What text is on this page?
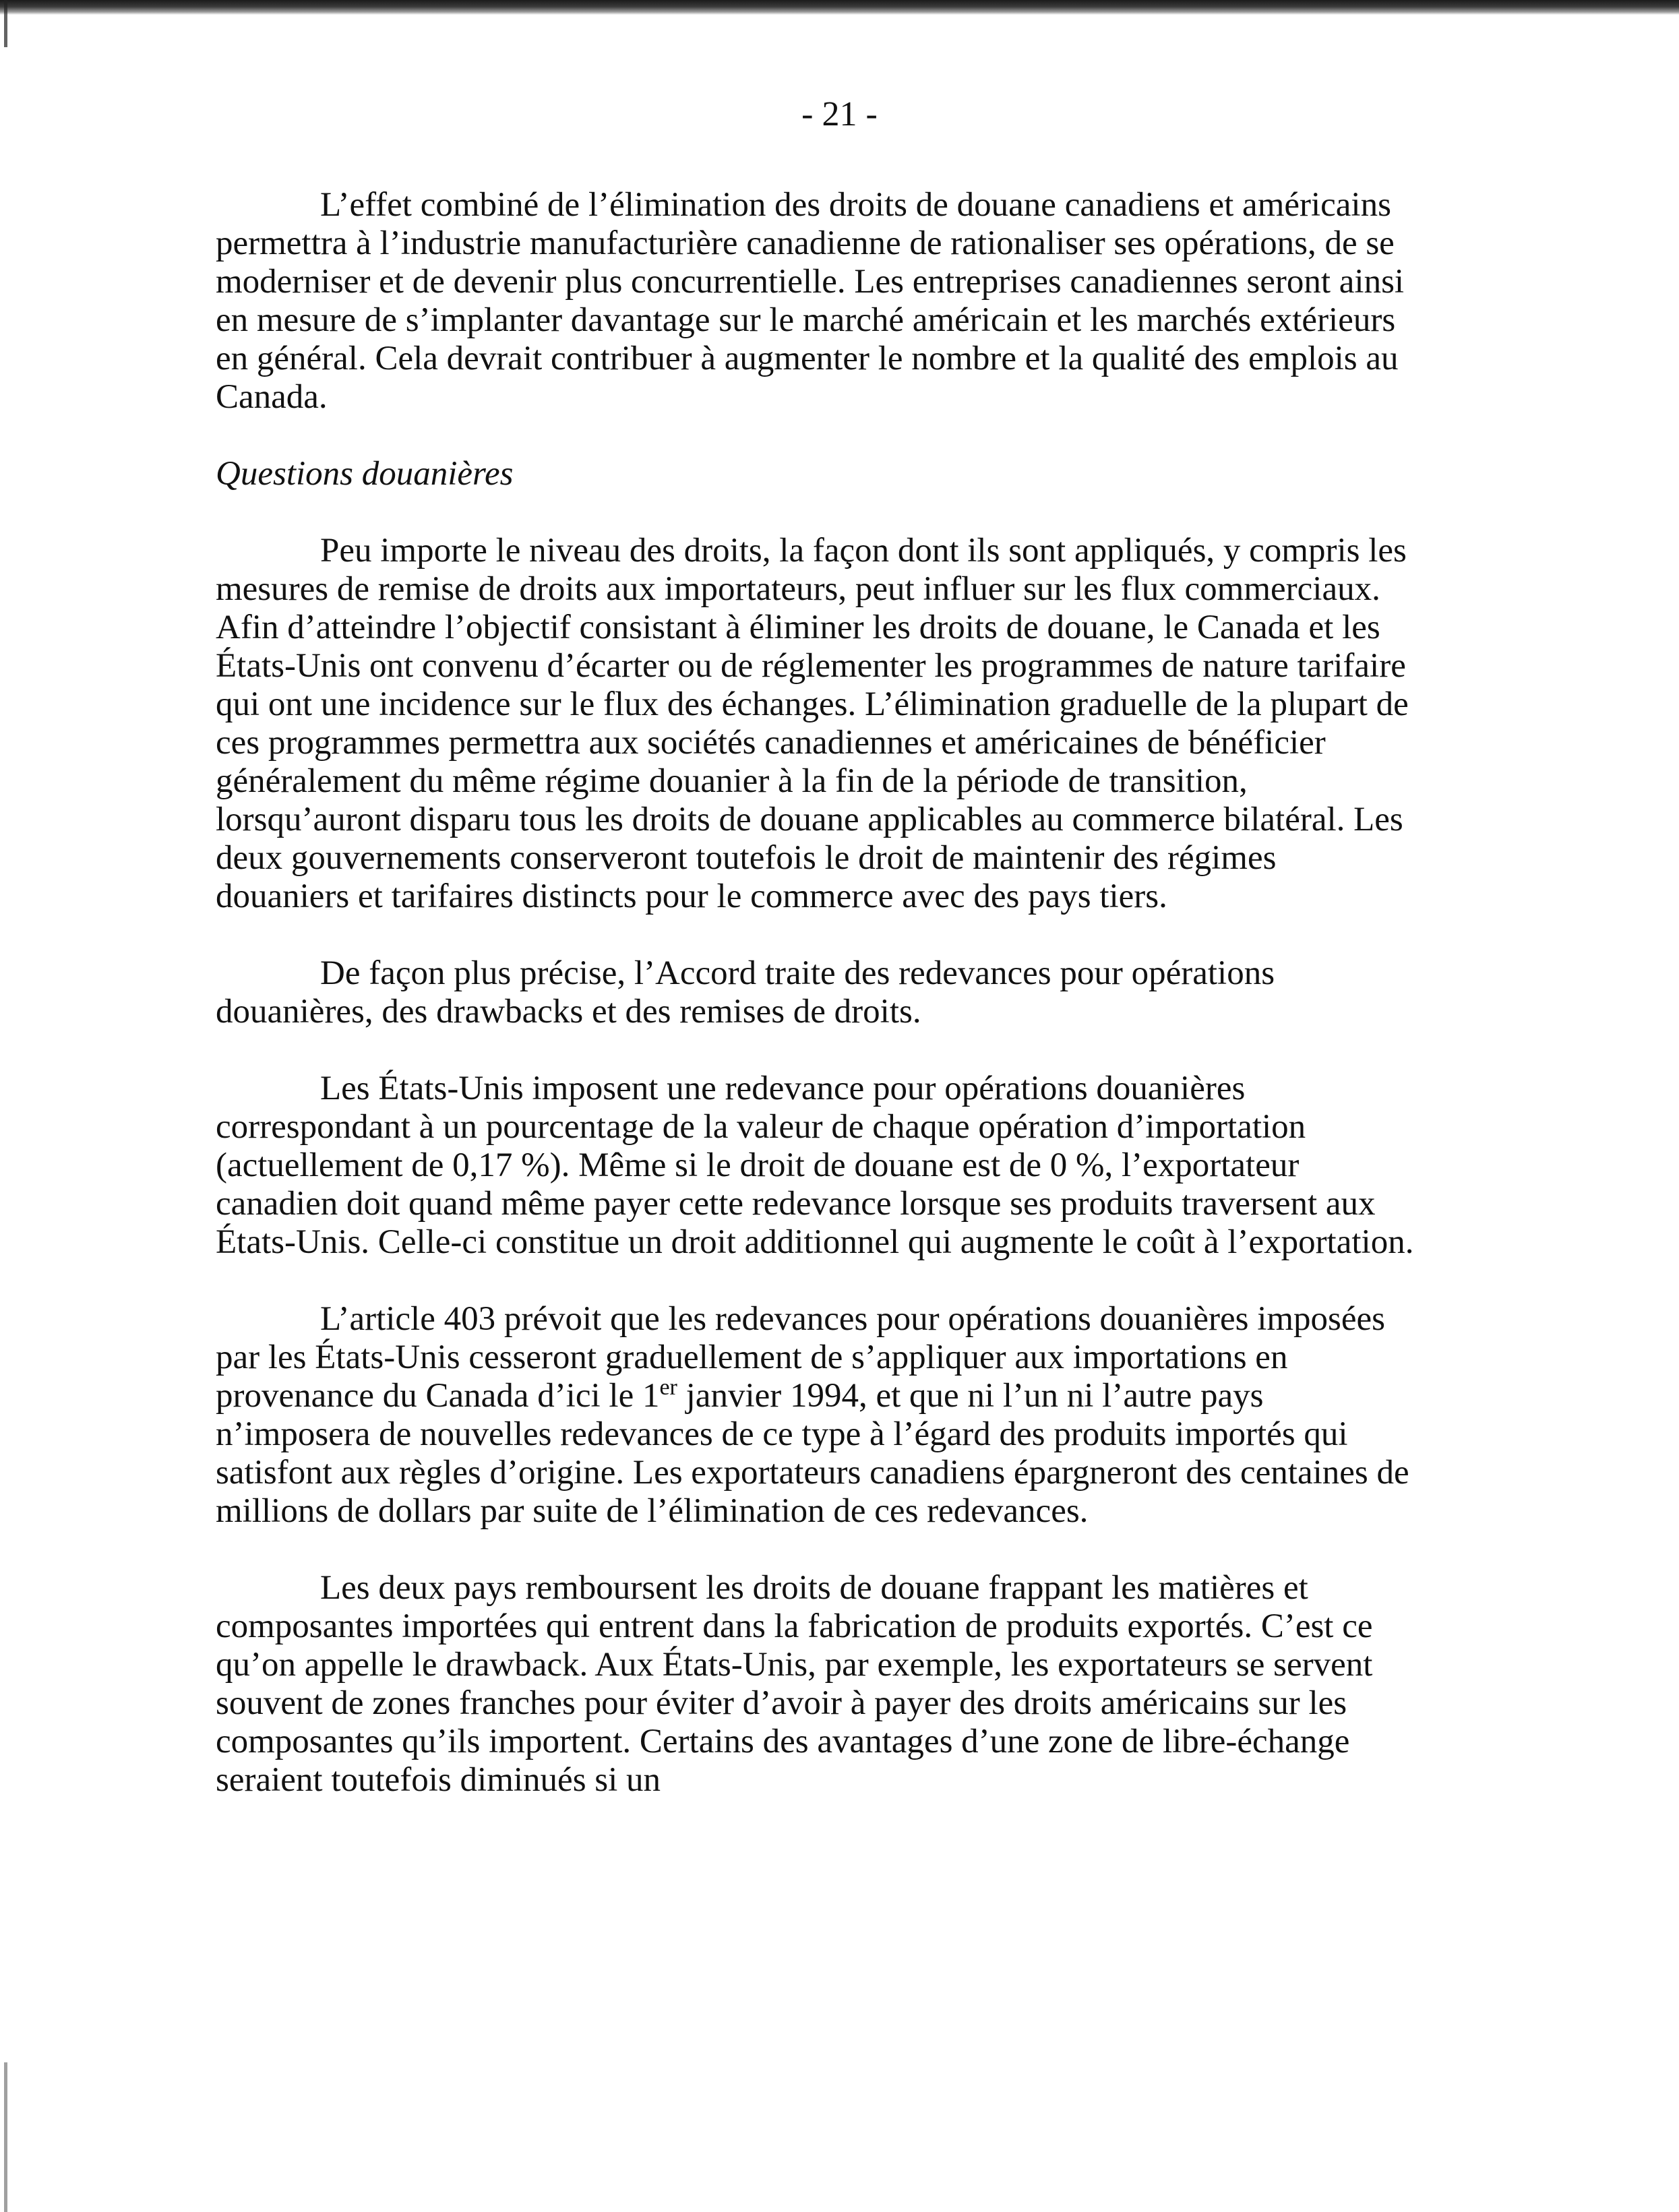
- 21 -

L’effet combiné de l’élimination des droits de douane canadiens et américains permettra à l’industrie manufacturière canadienne de rationaliser ses opérations, de se moderniser et de devenir plus concurrentielle. Les entreprises canadiennes seront ainsi en mesure de s’implanter davantage sur le marché américain et les marchés extérieurs en général. Cela devrait contribuer à augmenter le nombre et la qualité des emplois au Canada.

Questions douanières

Peu importe le niveau des droits, la façon dont ils sont appliqués, y compris les mesures de remise de droits aux importateurs, peut influer sur les flux commerciaux. Afin d’atteindre l’objectif consistant à éliminer les droits de douane, le Canada et les États-Unis ont convenu d’écarter ou de réglementer les programmes de nature tarifaire qui ont une incidence sur le flux des échanges. L’élimination graduelle de la plupart de ces programmes permettra aux sociétés canadiennes et américaines de bénéficier généralement du même régime douanier à la fin de la période de transition, lorsqu’auront disparu tous les droits de douane applicables au commerce bilatéral. Les deux gouvernements conserveront toutefois le droit de maintenir des régimes douaniers et tarifaires distincts pour le commerce avec des pays tiers.

De façon plus précise, l’Accord traite des redevances pour opérations douanières, des drawbacks et des remises de droits.

Les États-Unis imposent une redevance pour opérations douanières correspondant à un pourcentage de la valeur de chaque opération d’importation (actuellement de 0,17 %). Même si le droit de douane est de 0 %, l’exportateur canadien doit quand même payer cette redevance lorsque ses produits traversent aux États-Unis. Celle-ci constitue un droit additionnel qui augmente le coût à l’exportation.

L’article 403 prévoit que les redevances pour opérations douanières imposées par les États-Unis cesseront graduellement de s’appliquer aux importations en provenance du Canada d’ici le 1er janvier 1994, et que ni l’un ni l’autre pays n’imposera de nouvelles redevances de ce type à l’égard des produits importés qui satisfont aux règles d’origine. Les exportateurs canadiens épargneront des centaines de millions de dollars par suite de l’élimination de ces redevances.

Les deux pays remboursent les droits de douane frappant les matières et composantes importées qui entrent dans la fabrication de produits exportés. C’est ce qu’on appelle le drawback. Aux États-Unis, par exemple, les exportateurs se servent souvent de zones franches pour éviter d’avoir à payer des droits américains sur les composantes qu’ils importent. Certains des avantages d’une zone de libre-échange seraient toutefois diminués si un
